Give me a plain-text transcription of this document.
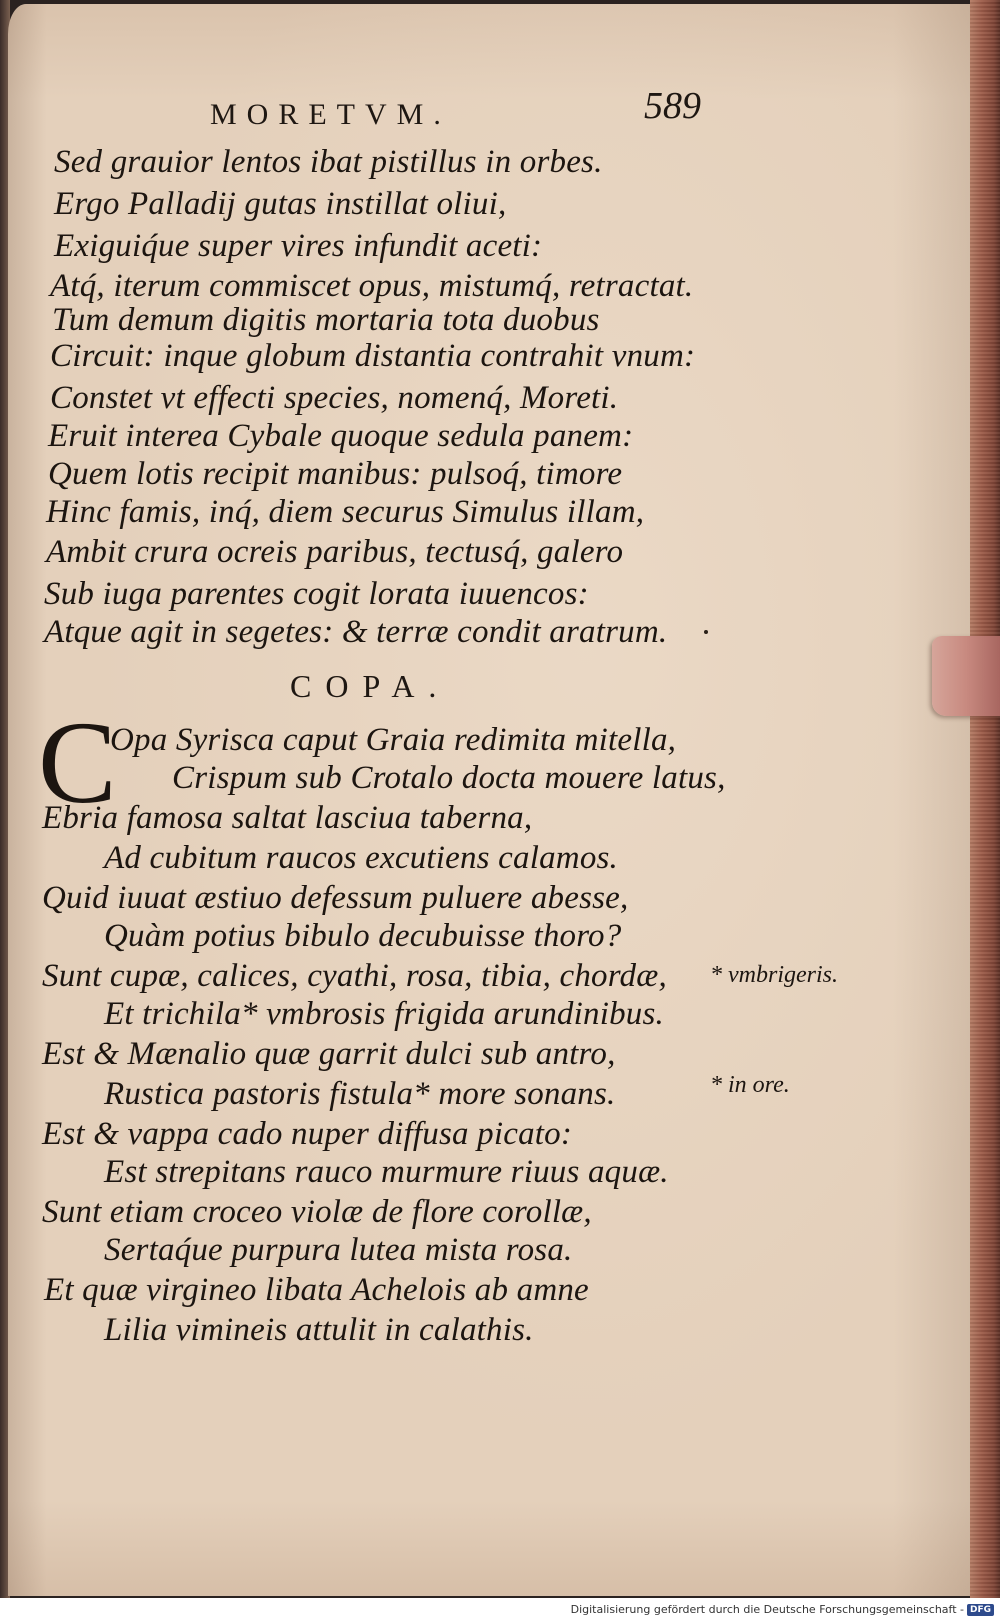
MORETVM.	589
Sed grauior lentos ibat pistillus in orbes.
Ergo Palladij gutas instillat oliui,
Exiguiq́ue super vires infundit aceti:
Atq́, iterum commiscet opus, mistumq́, retractat.
Tum demum digitis mortaria tota duobus
Circuit: inque globum distantia contrahit vnum:
Constet vt effecti species, nomenq́, Moreti.
Eruit interea Cybale quoque sedula panem:
Quem lotis recipit manibus: pulsoq́, timore
Hinc famis, inq́, diem securus Simulus illam,
Ambit crura ocreis paribus, tectusq́, galero
Sub iuga parentes cogit lorata iuuencos:
Atque agit in segetes: & terræ condit aratrum.
COPA.
C
Opa Syrisca caput Graia redimita mitella,
Crispum sub Crotalo docta mouere latus,
Ebria famosa saltat lasciua taberna,
Ad cubitum raucos excutiens calamos.
Quid iuuat æstiuo defessum puluere abesse,
Quàm potius bibulo decubuisse thoro?
Sunt cupæ, calices, cyathi, rosa, tibia, chordæ,
Et trichila* vmbrosis frigida arundinibus.
Est & Mænalio quæ garrit dulci sub antro,
Rustica pastoris fistula* more sonans.
Est & vappa cado nuper diffusa picato:
Est strepitans rauco murmure riuus aquæ.
Sunt etiam croceo violæ de flore corollæ,
Sertaq́ue purpura lutea mista rosa.
Et quæ virgineo libata Achelois ab amne
Lilia vimineis attulit in calathis.
* vmbrigeris.
* in ore.
Digitalisierung gefördert durch die Deutsche Forschungsgemeinschaft - DFG
